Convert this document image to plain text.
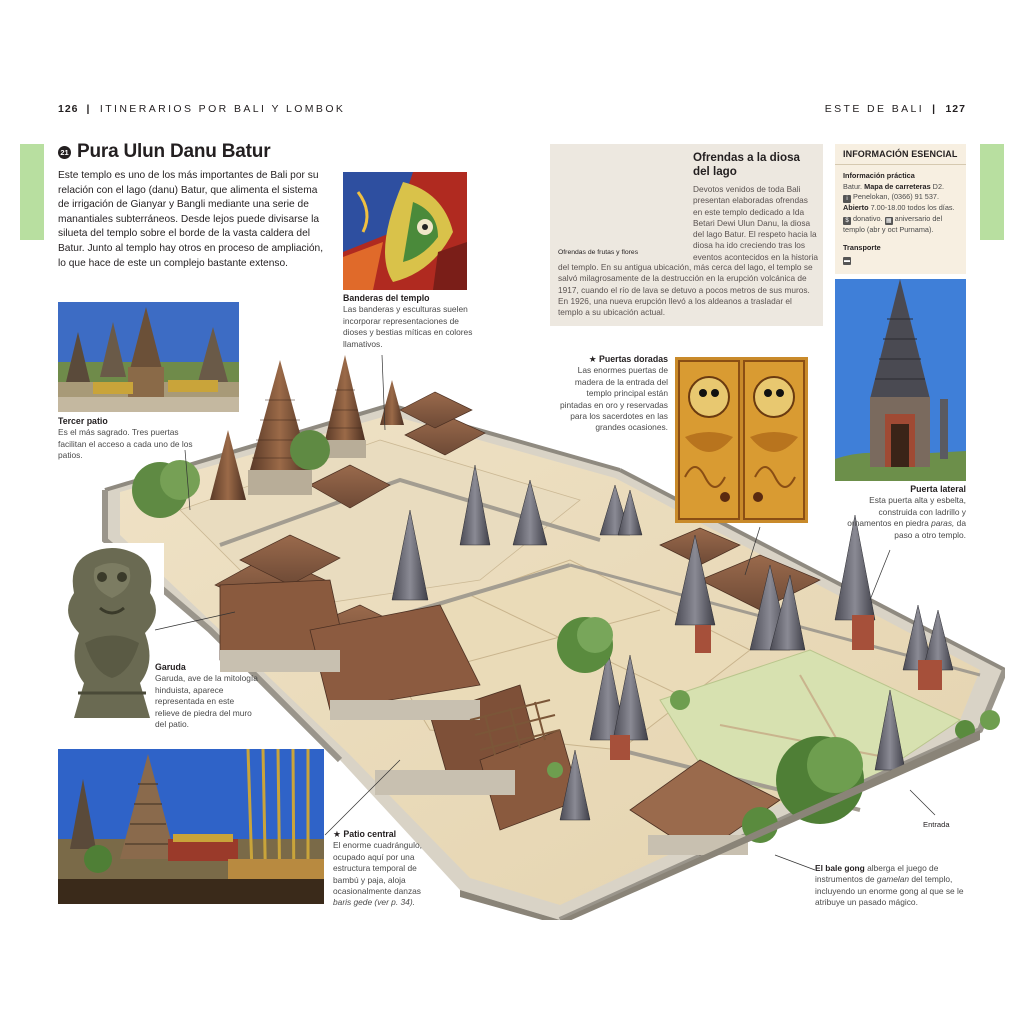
126 | ITINERARIOS POR BALI Y LOMBOK	ESTE DE BALI | 127
21 Pura Ulun Danu Batur
Este templo es uno de los más importantes de Bali por su relación con el lago (danu) Batur, que alimenta el sistema de irrigación de Gianyar y Bangli mediante una serie de manantiales subterráneos. Desde lejos puede divisarse la silueta del templo sobre el borde de la vasta caldera del Batur. Junto al templo hay otros en proceso de ampliación, lo que hace de este un complejo bastante extenso.
Ofrendas a la diosa del lago
Devotos venidos de toda Bali presentan elaboradas ofrendas en este templo dedicado a Ida Betari Dewi Ulun Danu, la diosa del lago Batur. El respeto hacia la diosa ha ido creciendo tras los eventos acontecidos en la historia
Ofrendas de frutas y flores
del templo. En su antigua ubicación, más cerca del lago, el templo se salvó milagrosamente de la destrucción en la erupción volcánica de 1917, cuando el río de lava se detuvo a pocos metros de sus muros. En 1926, una nueva erupción llevó a los aldeanos a trasladar el templo a su ubicación actual.
INFORMACIÓN ESENCIAL
Información práctica
Batur. Mapa de carreteras D2.
i Penelokan, (0366) 91 537.
Abierto 7.00-18.00 todos los días.
$ donativo. ▦ aniversario del templo (abr y oct Purnama).

Transporte
▬
Banderas del templo
Las banderas y esculturas suelen incorporar representaciones de dioses y bestias míticas en colores llamativos.
Tercer patio
Es el más sagrado. Tres puertas facilitan el acceso a cada uno de los patios.
★ Puertas doradas
Las enormes puertas de madera de la entrada del templo principal están pintadas en oro y reservadas para los sacerdotes en las grandes ocasiones.
Puerta lateral
Esta puerta alta y esbelta, construida con ladrillo y ornamentos en piedra paras, da paso a otro templo.
Garuda
Garuda, ave de la mitología hinduista, aparece representada en este relieve de piedra del muro del patio.
★ Patio central
El enorme cuadrángulo, ocupado aquí por una estructura temporal de bambú y paja, aloja ocasionalmente danzas baris gede (ver p. 34).
Entrada
El bale gong alberga el juego de instrumentos de gamelan del templo, incluyendo un enorme gong al que se le atribuye un pasado mágico.
